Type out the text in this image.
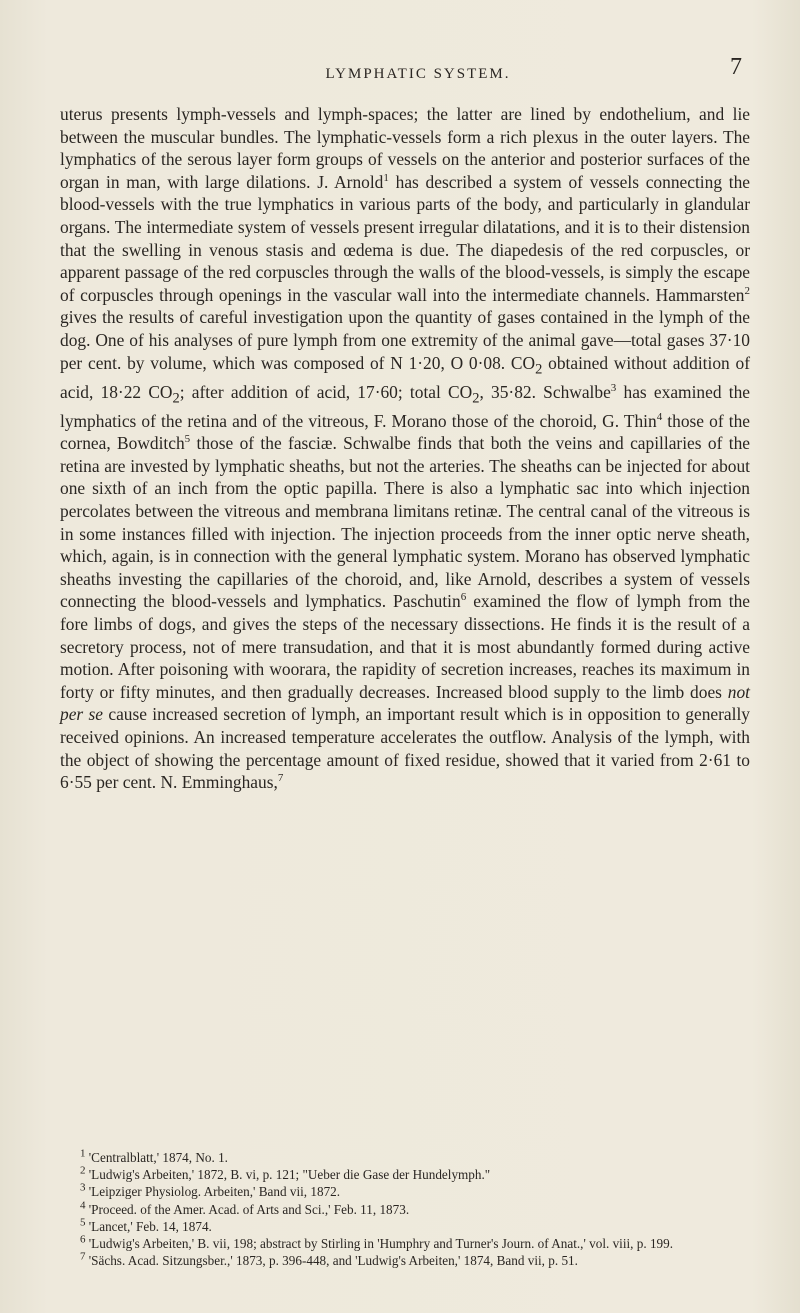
LYMPHATIC SYSTEM.	7

uterus presents lymph-vessels and lymph-spaces; the latter are lined by endothelium, and lie between the muscular bundles. The lymphatic-vessels form a rich plexus in the outer layers. The lymphatics of the serous layer form groups of vessels on the anterior and posterior surfaces of the organ in man, with large dilations. J. Arnold$^1$ has described a system of vessels connecting the blood-vessels with the true lymphatics in various parts of the body, and particularly in glandular organs. The intermediate system of vessels present irregular dilatations, and it is to their distension that the swelling in venous stasis and œdema is due. The diapedesis of the red corpuscles, or apparent passage of the red corpuscles through the walls of the blood-vessels, is simply the escape of corpuscles through openings in the vascular wall into the intermediate channels. Hammarsten$^2$ gives the results of careful investigation upon the quantity of gases contained in the lymph of the dog. One of his analyses of pure lymph from one extremity of the animal gave—total gases 37·10 per cent. by volume, which was composed of N 1·20, O 0·08. $CO_2$ obtained without addition of acid, 18·22 $CO_2$; after addition of acid, 17·60; total $CO_2$, 35·82. Schwalbe$^3$ has examined the lymphatics of the retina and of the vitreous, F. Morano those of the choroid, G. Thin$^4$ those of the cornea, Bowditch$^5$ those of the fasciæ. Schwalbe finds that both the veins and capillaries of the retina are invested by lymphatic sheaths, but not the arteries. The sheaths can be injected for about one sixth of an inch from the optic papilla. There is also a lymphatic sac into which injection percolates between the vitreous and membrana limitans retinæ. The central canal of the vitreous is in some instances filled with injection. The injection proceeds from the inner optic nerve sheath, which, again, is in connection with the general lymphatic system. Morano has observed lymphatic sheaths investing the capillaries of the choroid, and, like Arnold, describes a system of vessels connecting the blood-vessels and lymphatics. Paschutin$^6$ examined the flow of lymph from the fore limbs of dogs, and gives the steps of the necessary dissections. He finds it is the result of a secretory process, not of mere transudation, and that it is most abundantly formed during active motion. After poisoning with woorara, the rapidity of secretion increases, reaches its maximum in forty or fifty minutes, and then gradually decreases. Increased blood supply to the limb does not per se cause increased secretion of lymph, an important result which is in opposition to generally received opinions. An increased temperature accelerates the outflow. Analysis of the lymph, with the object of showing the percentage amount of fixed residue, showed that it varied from 2·61 to 6·55 per cent. N. Emminghaus,$^7$

$^1$ 'Centralblatt,' 1874, No. 1.

$^2$ 'Ludwig's Arbeiten,' 1872, B. vi, p. 121; "Ueber die Gase der Hundelymph."

$^3$ 'Leipziger Physiolog. Arbeiten,' Band vii, 1872.

$^4$ 'Proceed. of the Amer. Acad. of Arts and Sci.,' Feb. 11, 1873.

$^5$ 'Lancet,' Feb. 14, 1874.

$^6$ 'Ludwig's Arbeiten,' B. vii, 198; abstract by Stirling in 'Humphry and Turner's Journ. of Anat.,' vol. viii, p. 199.

$^7$ 'Sächs. Acad. Sitzungsber.,' 1873, p. 396-448, and 'Ludwig's Arbeiten,' 1874, Band vii, p. 51.
